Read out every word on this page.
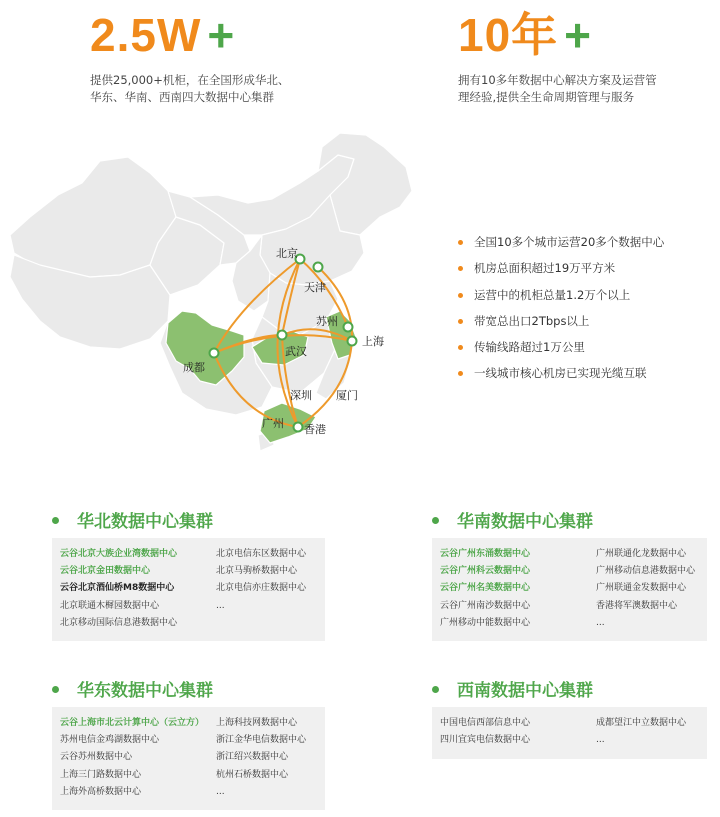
2.5W +
提供25,000+机柜，在全国形成华北、
华东、华南、西南四大数据中心集群
10年 +
拥有10多年数据中心解决方案及运营管
理经验,提供全生命周期管理与服务
北京
天津
苏州
上海
武汉
成都
深圳 厦门
广州 香港
全国10多个城市运营20多个数据中心
机房总面积超过19万平方米
运营中的机柜总量1.2万个以上
带宽总出口2Tbps以上
传输线路超过1万公里
一线城市核心机房已实现光缆互联
华北数据中心集群
云谷北京大族企业湾数据中心
云谷北京金田数据中心
云谷北京酒仙桥M8数据中心
北京联通木樨园数据中心
北京移动国际信息港数据中心
北京电信东区数据中心
北京马驹桥数据中心
北京电信亦庄数据中心
...
华南数据中心集群
云谷广州东涌数据中心
云谷广州科云数据中心
云谷广州名美数据中心
云谷广州南沙数据中心
广州移动中能数据中心
广州联通化龙数据中心
广州移动信息港数据中心
广州联通金发数据中心
香港将军澳数据中心
...
华东数据中心集群
云谷上海市北云计算中心（云立方）
苏州电信金鸡湖数据中心
云谷苏州数据中心
上海三门路数据中心
上海外高桥数据中心
上海科技网数据中心
浙江金华电信数据中心
浙江绍兴数据中心
杭州石桥数据中心
...
西南数据中心集群
中国电信西部信息中心
四川宜宾电信数据中心
成都望江中立数据中心
...
